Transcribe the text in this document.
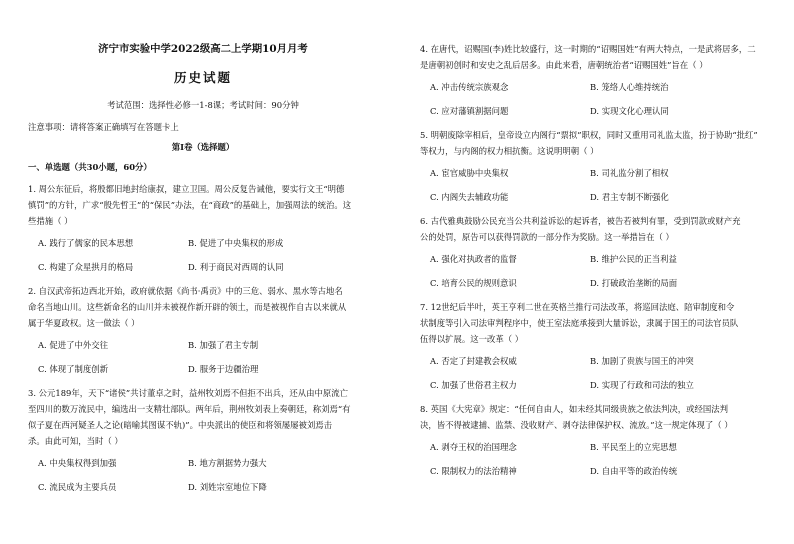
济宁市实验中学2022级高二上学期10月月考
历史试题
考试范围：选择性必修一1-8课；考试时间：90分钟
注意事项：请将答案正确填写在答题卡上
第Ⅰ卷（选择题）
一、单选题（共30小题，60分）
1. 周公东征后，将殷都旧地封给康叔，建立卫国。周公反复告诫他，要实行文王“明德
慎罚”的方针，广求“殷先哲王”的“保民”办法，在“商政”的基础上，加强周法的统治。这
些措施（ ）
A. 践行了儒家的民本思想	B. 促进了中央集权的形成
C. 构建了众星拱月的格局	D. 利于商民对西周的认同
2. 自汉武帝拓边西北开始，政府就依据《尚书·禹贡》中的三危、弱水、黑水等古地名
命名当地山川。这些新命名的山川并未被视作新开辟的领土，而是被视作自古以来就从
属于华夏政权。这一做法（ ）
A. 促进了中外交往	B. 加强了君主专制
C. 体现了制度创新	D. 服务于边疆治理
3. 公元189年，天下“诸侯”共讨董卓之时，益州牧刘焉不但拒不出兵，还从由中原流亡
至四川的数万流民中，编选出一支精壮部队。两年后，荆州牧刘表上奏朝廷，称刘焉“有
似子夏在西河疑圣人之论(暗喻其图谋不轨)”。中央派出的使臣和将领屡屡被刘焉击
杀。由此可知，当时（ ）
A. 中央集权得到加强	B. 地方割据势力强大
C. 流民成为主要兵员	D. 刘姓宗室地位下降
4. 在唐代，诏赐国(李)姓比较盛行，这一时期的“诏赐国姓”有两大特点，一是武将居多，二
是唐朝初创时和安史之乱后居多。由此来看，唐朝统治者“诏赐国姓”旨在（ ）
A. 冲击传统宗族观念	B. 笼络人心维持统治
C. 应对藩镇割据问题	D. 实现文化心理认同
5. 明朝废除宰相后，皇帝设立内阁行“票拟”职权，同时又重用司礼监太监，扮于协助“批红”
等权力，与内阁的权力相抗衡。这说明明朝（ ）
A. 宦官威胁中央集权	B. 司礼监分割了相权
C. 内阁失去辅政功能	D. 君主专制不断强化
6. 古代雅典鼓励公民充当公共利益诉讼的起诉者，被告若被判有罪，受到罚款或财产充
公的处罚，原告可以获得罚款的一部分作为奖励。这一举措旨在（ ）
A. 强化对执政者的监督	B. 维护公民的正当利益
C. 培育公民的规则意识	D. 打破政治垄断的局面
7. 12世纪后半叶，英王亨利二世在英格兰推行司法改革，将巡回法庭、陪审制度和令
状制度等引入司法审判程序中，使王室法庭承接到大量诉讼，隶属于国王的司法官员队
伍得以扩展。这一改革（ ）
A. 否定了封建教会权威	B. 加剧了贵族与国王的冲突
C. 加强了世俗君主权力	D. 实现了行政和司法的独立
8. 英国《大宪章》规定：“任何自由人，如未经其同级贵族之依法判决，或经国法判
决，皆不得被逮捕、监禁、没收财产、剥夺法律保护权、流放。”这一规定体现了（ ）
A. 剥夺王权的治国理念	B. 平民至上的立宪思想
C. 限制权力的法治精神	D. 自由平等的政治传统
